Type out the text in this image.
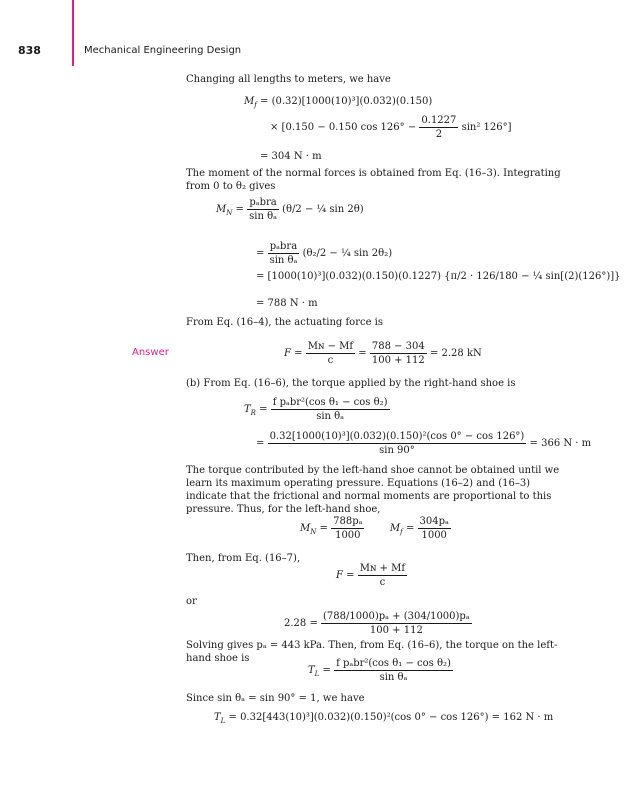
838	Mechanical Engineering Design
Changing all lengths to meters, we have
$M_f = (0.32)[1000(10)^3](0.032)(0.150)$
× [0.150 − 0.150 $\cos 126^\circ - \frac{0.1227}{2} \sin^2$ 126°]
= 304 N · m
The moment of the normal forces is obtained from Eq. (16–3). Integrating from 0 to θ₂ gives
$M_N = \frac{\text{pₐbra}}{\text{sin θₐ}} (\theta/2$ − ¼ sin 2θ)
= $\frac{\text{pₐbra}}{\text{sin θₐ}} (\theta_2/2$ − ¼ sin 2θ₂)
= [1000(10)³](0.032)(0.150)(0.1227) {π/2 · 126/180 − ¼ sin[(2)(126°)]}
= 788 N · m
From Eq. (16–4), the actuating force is
Answer	$F = \frac{\text{Mɴ − Mf}}{c} = \frac{788 - 304}{100 + 112} = 2.28$ kN
(b) From Eq. (16–6), the torque applied by the right-hand shoe is
$T_R = \frac{\text{f pₐbr²(cos θ₁ − cos θ₂)}}{\text{sin θₐ}}$
= $\frac{\text{0.32[1000(10)³](0.032)(0.150)²(cos 0° − cos 126°)}}{\sin 90^\circ} = 366$ N · m
The torque contributed by the left-hand shoe cannot be obtained until we learn its maximum operating pressure. Equations (16–2) and (16–3) indicate that the frictional and normal moments are proportional to this pressure. Thus, for the left-hand shoe,
$M_N = \frac{\text{788pₐ}}{1000}$	$M_f = \frac{\text{304pₐ}}{1000}$
Then, from Eq. (16–7),
$F = \frac{\text{Mɴ + Mf}}{c}$
or
$2.28 = \frac{\text{(788/1000)pₐ + (304/1000)pₐ}}{100 + 112}$
Solving gives pₐ = 443 kPa. Then, from Eq. (16–6), the torque on the left-hand shoe is
$T_L = \frac{\text{f pₐbr²(cos θ₁ − cos θ₂)}}{\text{sin θₐ}}$
Since sin θₐ = sin 90° = 1, we have
$T_L = 0.32[443(10)^3](0.032)(0.150)^2(\cos$ 0° − cos 126°) = 162 N · m
